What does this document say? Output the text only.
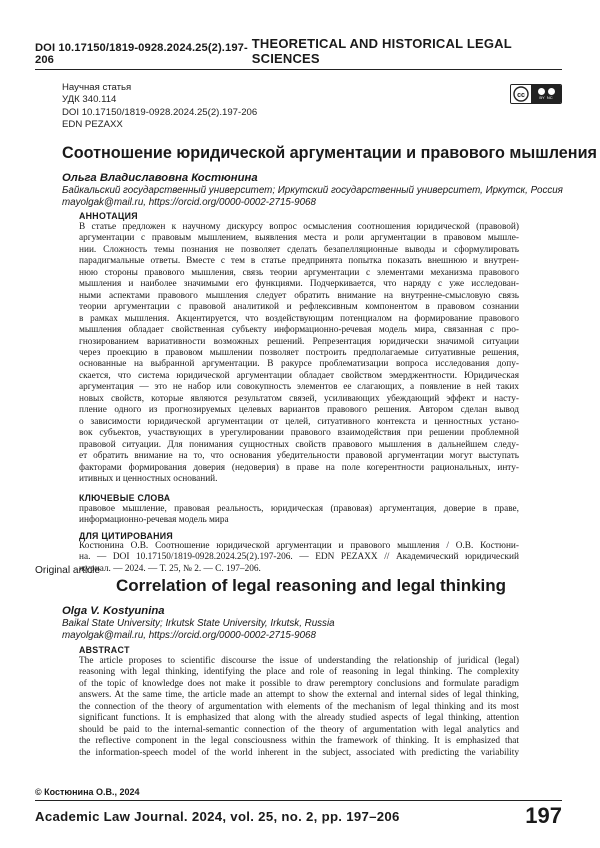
DOI 10.17150/1819-0928.2024.25(2).197-206
THEORETICAL AND HISTORICAL LEGAL SCIENCES
Научная статья
УДК 340.114
DOI 10.17150/1819-0928.2024.25(2).197-206
EDN PEZAXX
cc	BY NC
Соотношение юридической аргументации и правового мышления
Ольга Владиславовна Костюнина
Байкальский государственный университет; Иркутский государственный университет, Иркутск, Россия
mayolgak@mail.ru, https://orcid.org/0000-0002-2715-9068
АННОТАЦИЯ
В статье предложен к научному дискурсу вопрос осмысления соотношения юридической (правовой)
аргументации с правовым мышлением, выявления места и роли аргументации в правовом мышле-
нии. Сложность темы познания не позволяет сделать безапелляционные выводы и сформулировать
парадигмальные ответы. Вместе с тем в статье предпринята попытка показать внешнюю и внутрен-
нюю стороны правового мышления, связь теории аргументации с элементами механизма правового
мышления и наиболее значимыми его функциями. Подчеркивается, что наряду с уже исследован-
ными аспектами правового мышления следует обратить внимание на внутренне-смысловую связь
теории аргументации с правовой аналитикой и рефлексивным компонентом в правовом сознании
в рамках мышления. Акцентируется, что воздействующим потенциалом на формирование правового
мышления обладает свойственная субъекту информационно-речевая модель мира, связанная с про-
гнозированием вариативности возможных решений. Репрезентация юридически значимой ситуации
через проекцию в правовом мышлении позволяет построить предполагаемые ситуативные решения,
основанные на выбранной аргументации. В ракурсе проблематизации вопроса исследования допу-
скается, что система юридической аргументации обладает свойством эмерджентности. Юридическая
аргументация — это не набор или совокупность элементов ее слагающих, а появление в ней таких
новых свойств, которые являются результатом связей, усиливающих убеждающий эффект и насту-
пление одного из прогнозируемых целевых вариантов правового решения. Автором сделан вывод
о зависимости юридической аргументации от целей, ситуативного контекста и ценностных устано-
вок субъектов, участвующих в урегулировании правового взаимодействия при решении проблемной
правовой ситуации. Для понимания сущностных свойств правового мышления в дальнейшем следу-
ет обратить внимание на то, что основания убедительности правовой аргументации могут выступать
факторами формирования доверия (недоверия) в праве на поле когерентности рациональных, инту-
итивных и ценностных оснований.
КЛЮЧЕВЫЕ СЛОВА
правовое мышление, правовая реальность, юридическая (правовая) аргументация, доверие в праве,
информационно-речевая модель мира
ДЛЯ ЦИТИРОВАНИЯ
Костюнина О.В. Соотношение юридической аргументации и правового мышления / О.В. Костюни-
на. — DOI 10.17150/1819-0928.2024.25(2).197-206. — EDN PEZAXX // Академический юридический
журнал. — 2024. — Т. 25, № 2. — С. 197–206.
Original article
Correlation of legal reasoning and legal thinking
Olga V. Kostyunina
Baikal State University; Irkutsk State University, Irkutsk, Russia
mayolgak@mail.ru, https://orcid.org/0000-0002-2715-9068
ABSTRACT
The article proposes to scientific discourse the issue of understanding the relationship of juridical (legal)
reasoning with legal thinking, identifying the place and role of reasoning in legal thinking. The complexity
of the topic of knowledge does not make it possible to draw peremptory conclusions and formulate paradigm
answers. At the same time, the article made an attempt to show the external and internal sides of legal thinking,
the connection of the theory of argumentation with elements of the mechanism of legal thinking and its most
significant functions. It is emphasized that along with the already studied aspects of legal thinking, attention
should be paid to the internal-semantic connection of the theory of argumentation with legal analytics and
the reflective component in the legal consciousness within the framework of thinking. It is emphasized that
the information-speech model of the world inherent in the subject, associated with predicting the variability
© Костюнина О.В., 2024
Academic Law Journal. 2024, vol. 25, no. 2, pp. 197–206	197
